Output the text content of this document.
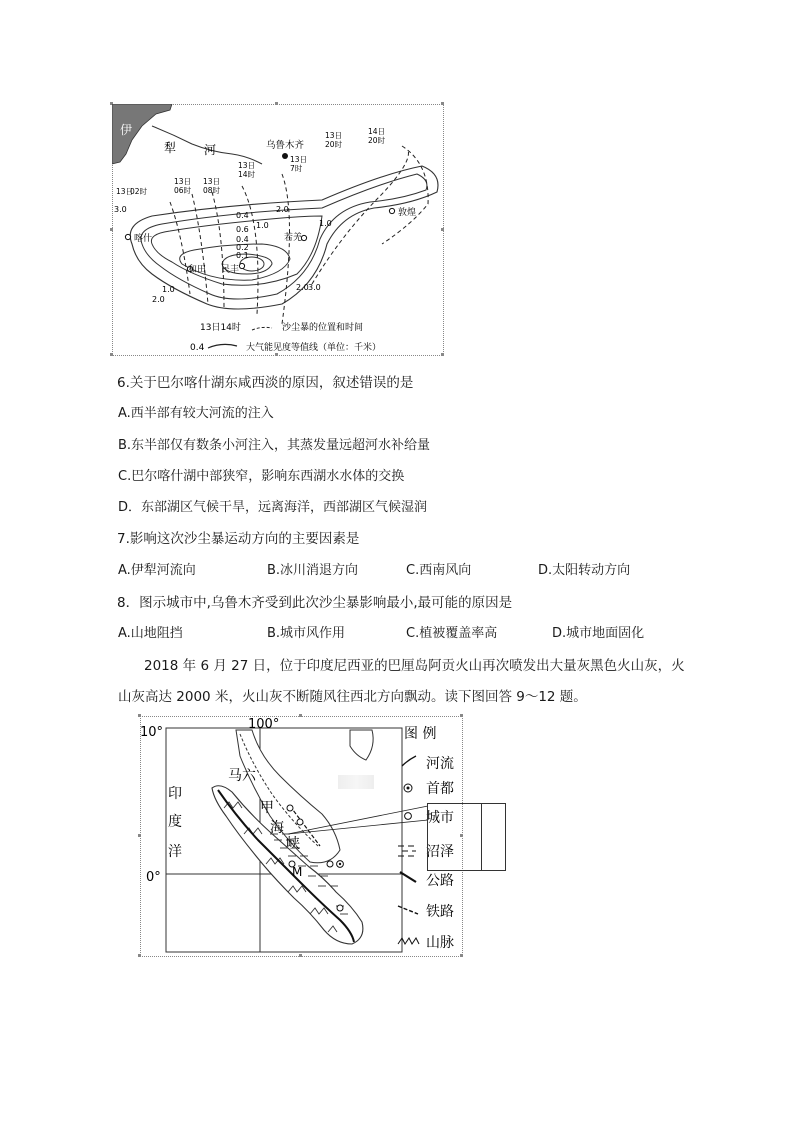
伊
犁 河	乌鲁木齐
喀什
敦煌
若羌
和田 民丰
13日
02时
13日
06时
13日
08时
13日
14时
13日
7时
13日
20时
14日
20时
3.0
2.0
1.0
0.6
0.4
0.2
0.1
0.4
1.0
2.0
3.0
1.0
2.0
13日14时	沙尘暴的位置和时间
0.4	大气能见度等值线（单位：千米）
6.关于巴尔喀什湖东咸西淡的原因，叙述错误的是
A.西半部有较大河流的注入
B.东半部仅有数条小河注入，其蒸发量远超河水补给量
C.巴尔喀什湖中部狭窄，影响东西湖水水体的交换
D．东部湖区气候干旱，远离海洋，西部湖区气候湿润
7.影响这次沙尘暴运动方向的主要因素是
A.伊犁河流向	B.冰川消退方向	C.西南风向	D.太阳转动方向
8．图示城市中,乌鲁木齐受到此次沙尘暴影响最小,最可能的原因是
A.山地阻挡	B.城市风作用	C.植被覆盖率高	D.城市地面固化
2018 年 6 月 27 日，位于印度尼西亚的巴厘岛阿贡火山再次喷发出大量灰黑色火山灰，火
山灰高达 2000 米，火山灰不断随风往西北方向飘动。读下图回答 9～12 题。
10°
0°
100°
印
度
洋
马 六
甲
海
峡
M
图 例
河流
首都
城市
沼泽
公路
铁路
山脉
